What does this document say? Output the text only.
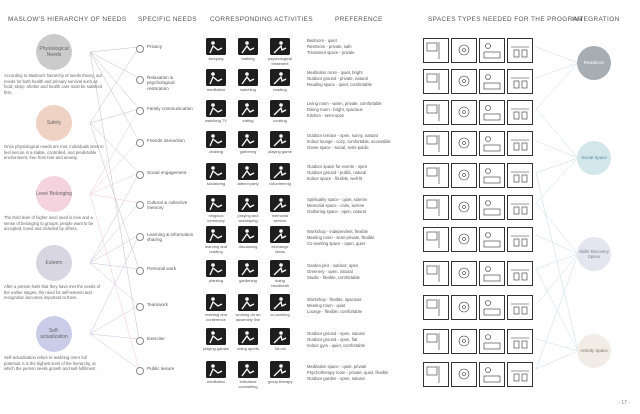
MASLOW'S HIERARCHY OF NEEDS SPECIFIC NEEDS CORRESPONDING ACTIVITIES	PREFERENCE	SPACES TYPES NEEDED FOR THE PROGRAM
INTEGRATION
Physiological Needs
According to Maslow's hierarchy of needs theory, our needs for both health and primary survival such as food, sleep, shelter and health care must be satisfied first.
Safety
Once physiological needs are met, individuals seek to feel secure in a stable, controlled, and predictable environment, free from fear and anxiety.
Love/ Belonging
The third level of higher level need is love and a sense of belonging to groups; people want to be accepted, loved and included by others.
Esteem
After a person feels that they have met the needs of the earlier stages, the need for self-esteem and recognition becomes important to them.
Self-actualization
Self-actualization refers to realizing one's full potential. It is the highest level of the hierarchy, at which the person seeks growth and self-fulfilment.
Privacy
Relaxation & psychological restoration
Family communication
Friends interaction
Social engagement
Cultural & collective memory
Learning & information sharing
Personal work
Teamwork
Exercise
Public leisure
sleeping	bathing	psychological treatment
meditation	watching	reading
watching TV	eating	cooking
chatting	gathering	playing game
socializing	attend party	volunteering
religious ceremony
praying and worshiping
memorial service
learning and reading
discussing	exchange ideas
planting	gardening	doing handicraft
meeting and conference
working on an assembly line
co-working
playing games	doing sports	Tai-chi
meditation	individual counseling
group therapy
Bedroom - quiet
Restroom - private, safe
Treatment space - private
Meditation room - quiet, bright
Outdoor ground - private, natural
Reading space - quiet, comfortable
Living room - warm, private, comfortable
Dining room - bright, spacious
Kitchen - semi-open
Outdoor terrace - open, sunny, natural
Indoor lounge - cozy, comfortable, accessible
Game space - social, semi-public
Outdoor space for events - open
Outdoor ground - public, natural
Indoor space - flexible, well-lit
Spirituality space - quiet, solemn
Memorial space - calm, serene
Gathering space - open, natural
Workshop - independent, flexible
Meeting room - semi-private, flexible
Co-working space - open, quiet
Garden plot - outdoor, open
Greenery - open, natural
Studio - flexible, comfortable
Workshop - flexible, spacious
Meeting room - quiet
Lounge - flexible, comfortable
Outdoor ground - open, natural
Outdoor ground - open, flat
Indoor gym - quiet, comfortable
Meditation space - quiet, private
Psychotherapy room - private, quiet, flexible
Outdoor garden - open, natural
Residence
Social Space
Skills Recovery Space
Activity Space
- 17 -
